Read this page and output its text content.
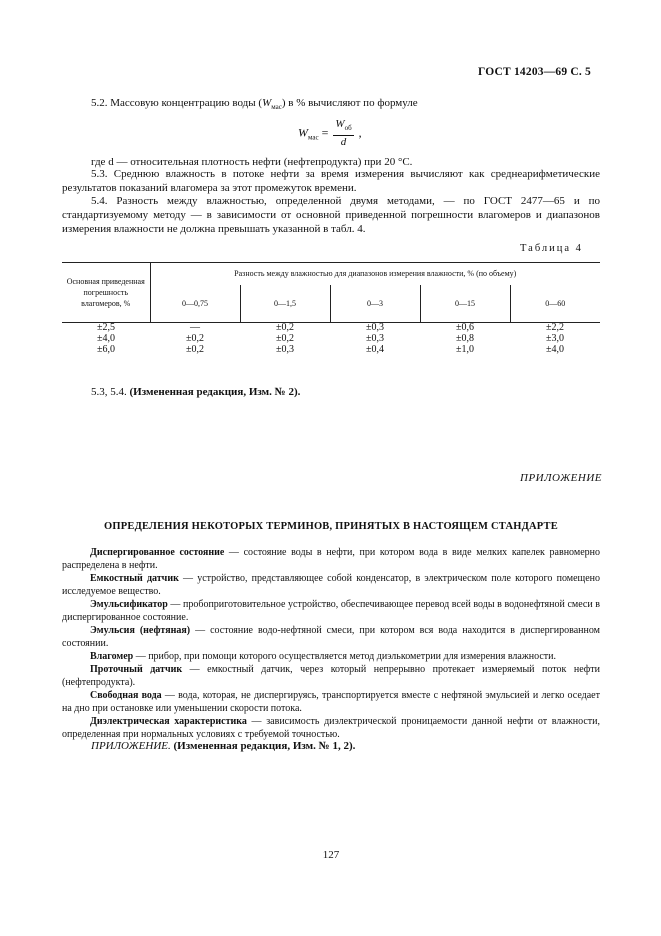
ГОСТ 14203—69 С. 5
5.2. Массовую концентрацию воды $(W_{мас})$ в % вычисляют по формуле
$W_{мас} = \frac{W_{об}}{d}$ ,
где d — относительная плотность нефти (нефтепродукта) при 20 °С.
5.3. Среднюю влажность в потоке нефти за время измерения вычисляют как среднеарифметические результатов показаний влагомера за этот промежуток времени.
5.4. Разность между влажностью, определенной двумя методами, — по ГОСТ 2477—65 и по стандартизуемому методу — в зависимости от основной приведенной погрешности влагомеров и диапазонов измерения влажности не должна превышать указанной в табл. 4.
Таблица 4
Основная приведенная погрешность влагомеров, %	Разность между влажностью для диапазонов измерения влажности, % (по объему)				
	0—0,75	0—1,5	0—3	0—15	0—60
±2,5	—	±0,2	±0,3	±0,6	±2,2
±4,0	±0,2	±0,2	±0,3	±0,8	±3,0
±6,0	±0,2	±0,3	±0,4	±1,0	±4,0
5.3, 5.4. (Измененная редакция, Изм. № 2).
ПРИЛОЖЕНИЕ
ОПРЕДЕЛЕНИЯ НЕКОТОРЫХ ТЕРМИНОВ, ПРИНЯТЫХ В НАСТОЯЩЕМ СТАНДАРТЕ
Диспергированное состояние — состояние воды в нефти, при котором вода в виде мелких капелек равномерно распределена в нефти.
Емкостный датчик — устройство, представляющее собой конденсатор, в электрическом поле которого помещено исследуемое вещество.
Эмульсификатор — пробоприготовительное устройство, обеспечивающее перевод всей воды в водонефтяной смеси в диспергированное состояние.
Эмульсия (нефтяная) — состояние водо-нефтяной смеси, при котором вся вода находится в диспергированном состоянии.
Влагомер — прибор, при помощи которого осуществляется метод диэлькометрии для измерения влажности.
Проточный датчик — емкостный датчик, через который непрерывно протекает измеряемый поток нефти (нефтепродукта).
Свободная вода — вода, которая, не диспергируясь, транспортируется вместе с нефтяной эмульсией и легко оседает на дно при остановке или уменьшении скорости потока.
Диэлектрическая характеристика — зависимость диэлектрической проницаемости данной нефти от влажности, определенная при нормальных условиях с требуемой точностью.
ПРИЛОЖЕНИЕ. (Измененная редакция, Изм. № 1, 2).
127
